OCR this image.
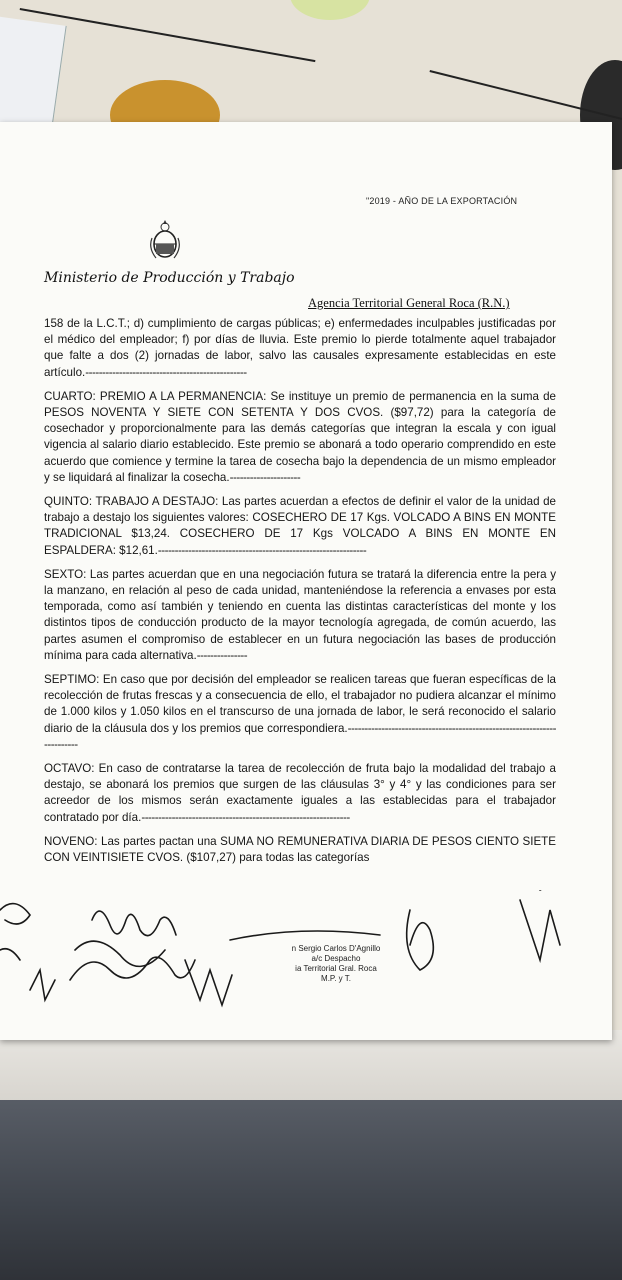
"2019 - AÑO DE LA EXPORTACIÓN
Ministerio de Producción y Trabajo
Agencia Territorial General Roca (R.N.)

158 de la L.C.T.; d) cumplimiento de cargas públicas; e) enfermedades inculpables justificadas por el médico del empleador; f) por días de lluvia. Este premio lo pierde totalmente aquel trabajador que falte a dos (2) jornadas de labor, salvo las causales expresamente establecidas en este artículo.------------------------------------------------

CUARTO: PREMIO A LA PERMANENCIA: Se instituye un premio de permanencia en la suma de PESOS NOVENTA Y SIETE CON SETENTA Y DOS CVOS. ($97,72) para la categoría de cosechador y proporcionalmente para las demás categorías que integran la escala y con igual vigencia al salario diario establecido. Este premio se abonará a todo operario comprendido en este acuerdo que comience y termine la tarea de cosecha bajo la dependencia de un mismo empleador y se liquidará al finalizar la cosecha.---------------------

QUINTO: TRABAJO A DESTAJO: Las partes acuerdan a efectos de definir el valor de la unidad de trabajo a destajo los siguientes valores: COSECHERO DE 17 Kgs. VOLCADO A BINS EN MONTE TRADICIONAL $13,24. COSECHERO DE 17 Kgs VOLCADO A BINS EN MONTE EN ESPALDERA: $12,61.--------------------------------------------------------------

SEXTO: Las partes acuerdan que en una negociación futura se tratará la diferencia entre la pera y la manzano, en relación al peso de cada unidad, manteniéndose la referencia a envases por esta temporada, como así también y teniendo en cuenta las distintas características del monte y los distintos tipos de conducción producto de la mayor tecnología agregada, de común acuerdo, las partes asumen el compromiso de establecer en un futura negociación las bases de producción mínima para cada alternativa.---------------

SEPTIMO: En caso que por decisión del empleador se realicen tareas que fueran específicas de la recolección de frutas frescas y a consecuencia de ello, el trabajador no pudiera alcanzar el mínimo de 1.000 kilos y 1.050 kilos en el transcurso de una jornada de labor, le será reconocido el salario diario de la cláusula dos y los premios que correspondiera.------------------------------------------------------------------------

OCTAVO: En caso de contratarse la tarea de recolección de fruta bajo la modalidad del trabajo a destajo, se abonará los premios que surgen de las cláusulas 3° y 4° y las condiciones para ser acreedor de los mismos serán exactamente iguales a las establecidas para el trabajador contratado por día.--------------------------------------------------------------

NOVENO: Las partes pactan una SUMA NO REMUNERATIVA DIARIA DE PESOS CIENTO SIETE CON VEINTISIETE CVOS. ($107,27) para todas las categorías

n Sergio Carlos D'Agnillo
a/c Despacho
ia Territorial Gral. Roca
M.P. y T.
